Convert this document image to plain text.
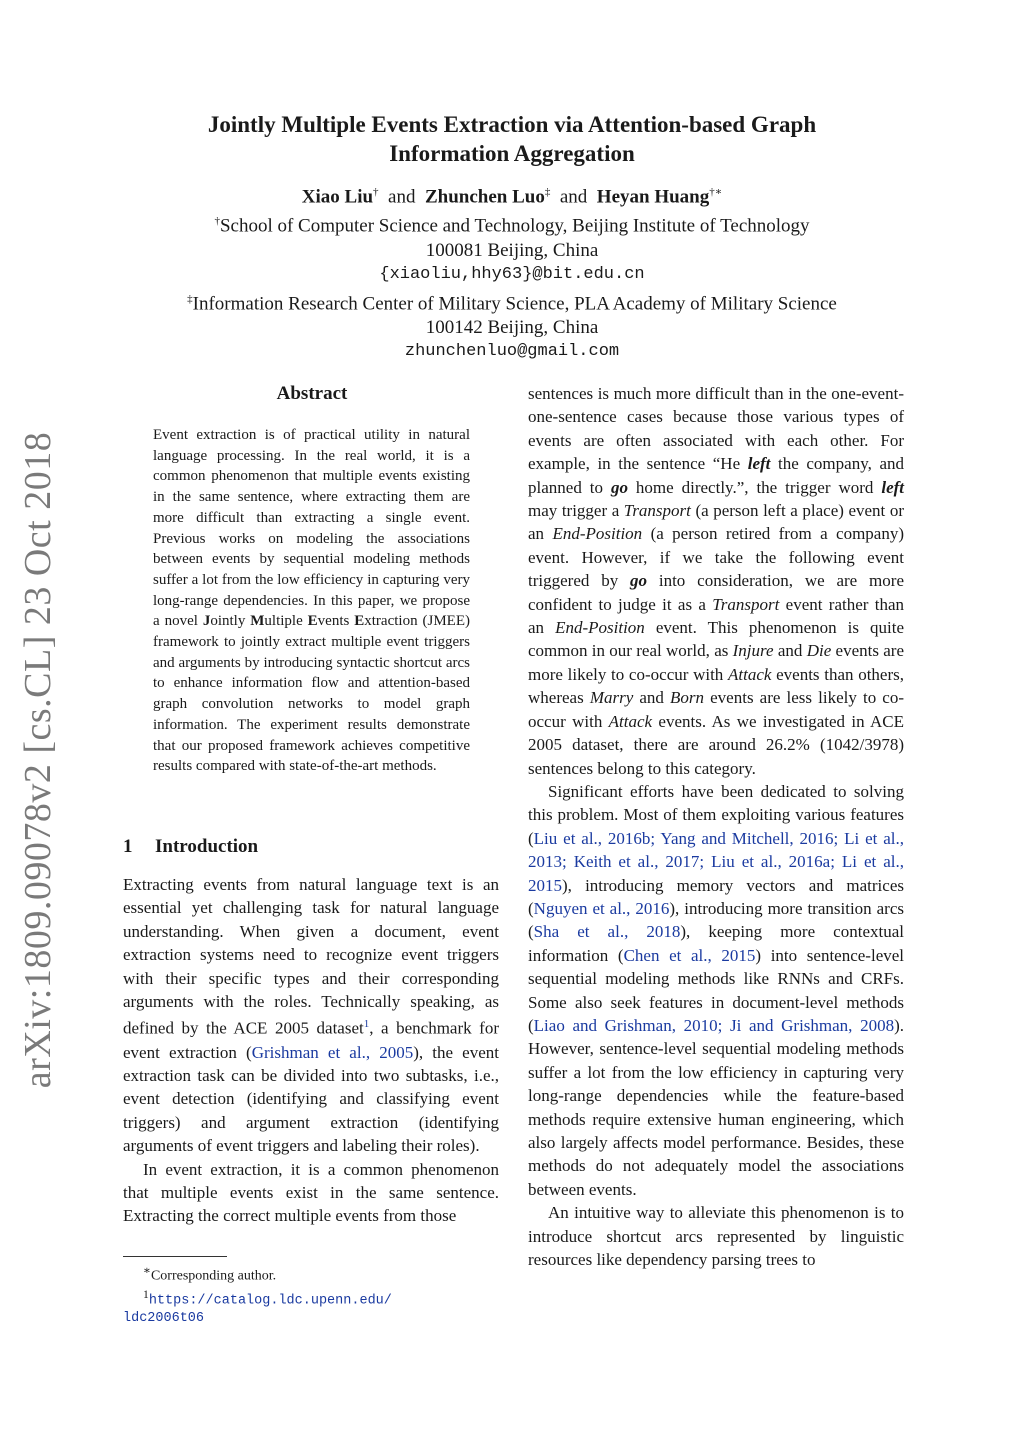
arXiv:1809.09078v2 [cs.CL] 23 Oct 2018
Jointly Multiple Events Extraction via Attention-based Graph
Information Aggregation
Xiao Liu† and Zhunchen Luo‡ and Heyan Huang†∗
†School of Computer Science and Technology, Beijing Institute of Technology
100081 Beijing, China
{xiaoliu,hhy63}@bit.edu.cn
‡Information Research Center of Military Science, PLA Academy of Military Science
100142 Beijing, China
zhunchenluo@gmail.com
Abstract
Event extraction is of practical utility in natural language processing. In the real world, it is a common phenomenon that multiple events existing in the same sentence, where extracting them are more difficult than extracting a single event. Previous works on modeling the associations between events by sequential modeling methods suffer a lot from the low efficiency in capturing very long-range dependencies. In this paper, we propose a novel Jointly Multiple Events Extraction (JMEE) framework to jointly extract multiple event triggers and arguments by introducing syntactic shortcut arcs to enhance information flow and attention-based graph convolution networks to model graph information. The experiment results demonstrate that our proposed framework achieves competitive results compared with state-of-the-art methods.
1 Introduction

Extracting events from natural language text is an essential yet challenging task for natural language understanding. When given a document, event extraction systems need to recognize event triggers with their specific types and their corresponding arguments with the roles. Technically speaking, as defined by the ACE 2005 dataset$^1$, a benchmark for event extraction (Grishman et al., 2005), the event extraction task can be divided into two subtasks, i.e., event detection (identifying and classifying event triggers) and argument extraction (identifying arguments of event triggers and labeling their roles).

In event extraction, it is a common phenomenon that multiple events exist in the same sentence. Extracting the correct multiple events from those

∗Corresponding author.
$^1$https://catalog.ldc.upenn.edu/
ldc2006t06

sentences is much more difficult than in the one-event-one-sentence cases because those various types of events are often associated with each other. For example, in the sentence “He left the company, and planned to go home directly.”, the trigger word left may trigger a Transport (a person left a place) event or an End-Position (a person retired from a company) event. However, if we take the following event triggered by go into consideration, we are more confident to judge it as a Transport event rather than an End-Position event. This phenomenon is quite common in our real world, as Injure and Die events are more likely to co-occur with Attack events than others, whereas Marry and Born events are less likely to co-occur with Attack events. As we investigated in ACE 2005 dataset, there are around 26.2% (1042/3978) sentences belong to this category.

Significant efforts have been dedicated to solving this problem. Most of them exploiting various features (Liu et al., 2016b; Yang and Mitchell, 2016; Li et al., 2013; Keith et al., 2017; Liu et al., 2016a; Li et al., 2015), introducing memory vectors and matrices (Nguyen et al., 2016), introducing more transition arcs (Sha et al., 2018), keeping more contextual information (Chen et al., 2015) into sentence-level sequential modeling methods like RNNs and CRFs. Some also seek features in document-level methods (Liao and Grishman, 2010; Ji and Grishman, 2008). However, sentence-level sequential modeling methods suffer a lot from the low efficiency in capturing very long-range dependencies while the feature-based methods require extensive human engineering, which also largely affects model performance. Besides, these methods do not adequately model the associations between events.

An intuitive way to alleviate this phenomenon is to introduce shortcut arcs represented by linguistic resources like dependency parsing trees to
